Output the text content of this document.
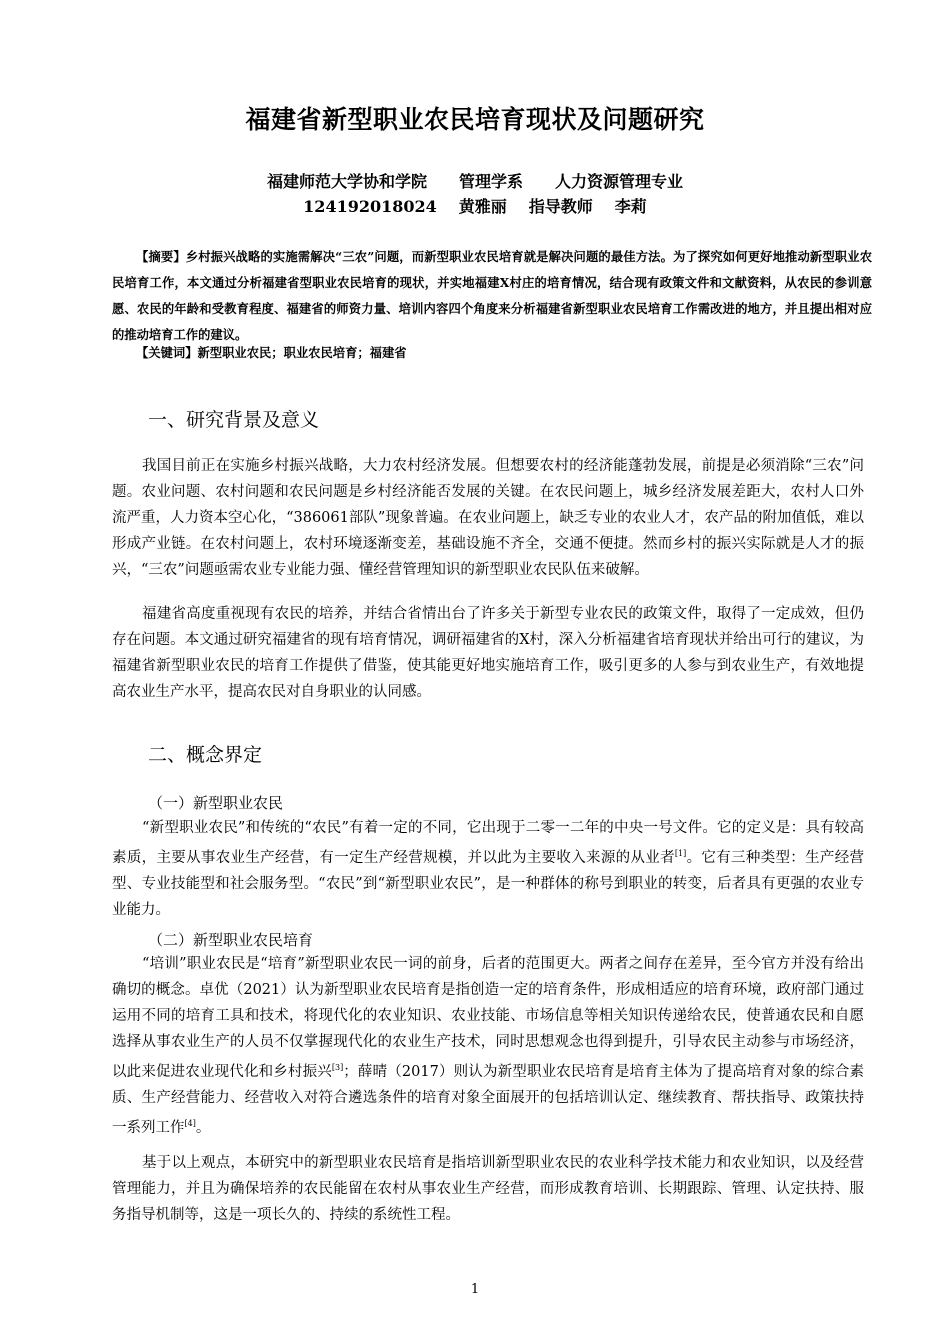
福建省新型职业农民培育现状及问题研究
福建师范大学协和学院 管理学系 人力资源管理专业
124192018024 黄雅丽 指导教师 李莉

【摘要】乡村振兴战略的实施需解决“三农”问题，而新型职业农民培育就是解决问题的最佳方法。为了探究如何更好地推动新型职业农民培育工作，本文通过分析福建省型职业农民培育的现状，并实地福建X村庄的培育情况，结合现有政策文件和文献资料，从农民的参训意愿、农民的年龄和受教育程度、福建省的师资力量、培训内容四个角度来分析福建省新型职业农民培育工作需改进的地方，并且提出相对应的推动培育工作的建议。

【关键词】新型职业农民；职业农民培育；福建省
一、研究背景及意义
我国目前正在实施乡村振兴战略，大力农村经济发展。但想要农村的经济能蓬勃发展，前提是必须消除“三农”问题。农业问题、农村问题和农民问题是乡村经济能否发展的关键。在农民问题上，城乡经济发展差距大，农村人口外流严重，人力资本空心化，“386061部队”现象普遍。在农业问题上，缺乏专业的农业人才，农产品的附加值低，难以形成产业链。在农村问题上，农村环境逐渐变差，基础设施不齐全，交通不便捷。然而乡村的振兴实际就是人才的振兴，“三农”问题亟需农业专业能力强、懂经营管理知识的新型职业农民队伍来破解。
福建省高度重视现有农民的培养，并结合省情出台了许多关于新型专业农民的政策文件，取得了一定成效，但仍存在问题。本文通过研究福建省的现有培育情况，调研福建省的X村，深入分析福建省培育现状并给出可行的建议，为福建省新型职业农民的培育工作提供了借鉴，使其能更好地实施培育工作，吸引更多的人参与到农业生产，有效地提高农业生产水平，提高农民对自身职业的认同感。
二、概念界定
（一）新型职业农民
“新型职业农民”和传统的“农民”有着一定的不同，它出现于二零一二年的中央一号文件。它的定义是：具有较高素质，主要从事农业生产经营，有一定生产经营规模，并以此为主要收入来源的从业者[1]。它有三种类型：生产经营型、专业技能型和社会服务型。“农民”到“新型职业农民”，是一种群体的称号到职业的转变，后者具有更强的农业专业能力。
（二）新型职业农民培育
“培训”职业农民是“培育”新型职业农民一词的前身，后者的范围更大。两者之间存在差异，至今官方并没有给出确切的概念。卓优（2021）认为新型职业农民培育是指创造一定的培育条件，形成相适应的培育环境，政府部门通过运用不同的培育工具和技术，将现代化的农业知识、农业技能、市场信息等相关知识传递给农民，使普通农民和自愿选择从事农业生产的人员不仅掌握现代化的农业生产技术，同时思想观念也得到提升，引导农民主动参与市场经济，以此来促进农业现代化和乡村振兴[3]；薛晴（2017）则认为新型职业农民培育是培育主体为了提高培育对象的综合素质、生产经营能力、经营收入对符合遴选条件的培育对象全面展开的包括培训认定、继续教育、帮扶指导、政策扶持一系列工作[4]。
基于以上观点，本研究中的新型职业农民培育是指培训新型职业农民的农业科学技术能力和农业知识，以及经营管理能力，并且为确保培养的农民能留在农村从事农业生产经营，而形成教育培训、长期跟踪、管理、认定扶持、服务指导机制等，这是一项长久的、持续的系统性工程。
1
